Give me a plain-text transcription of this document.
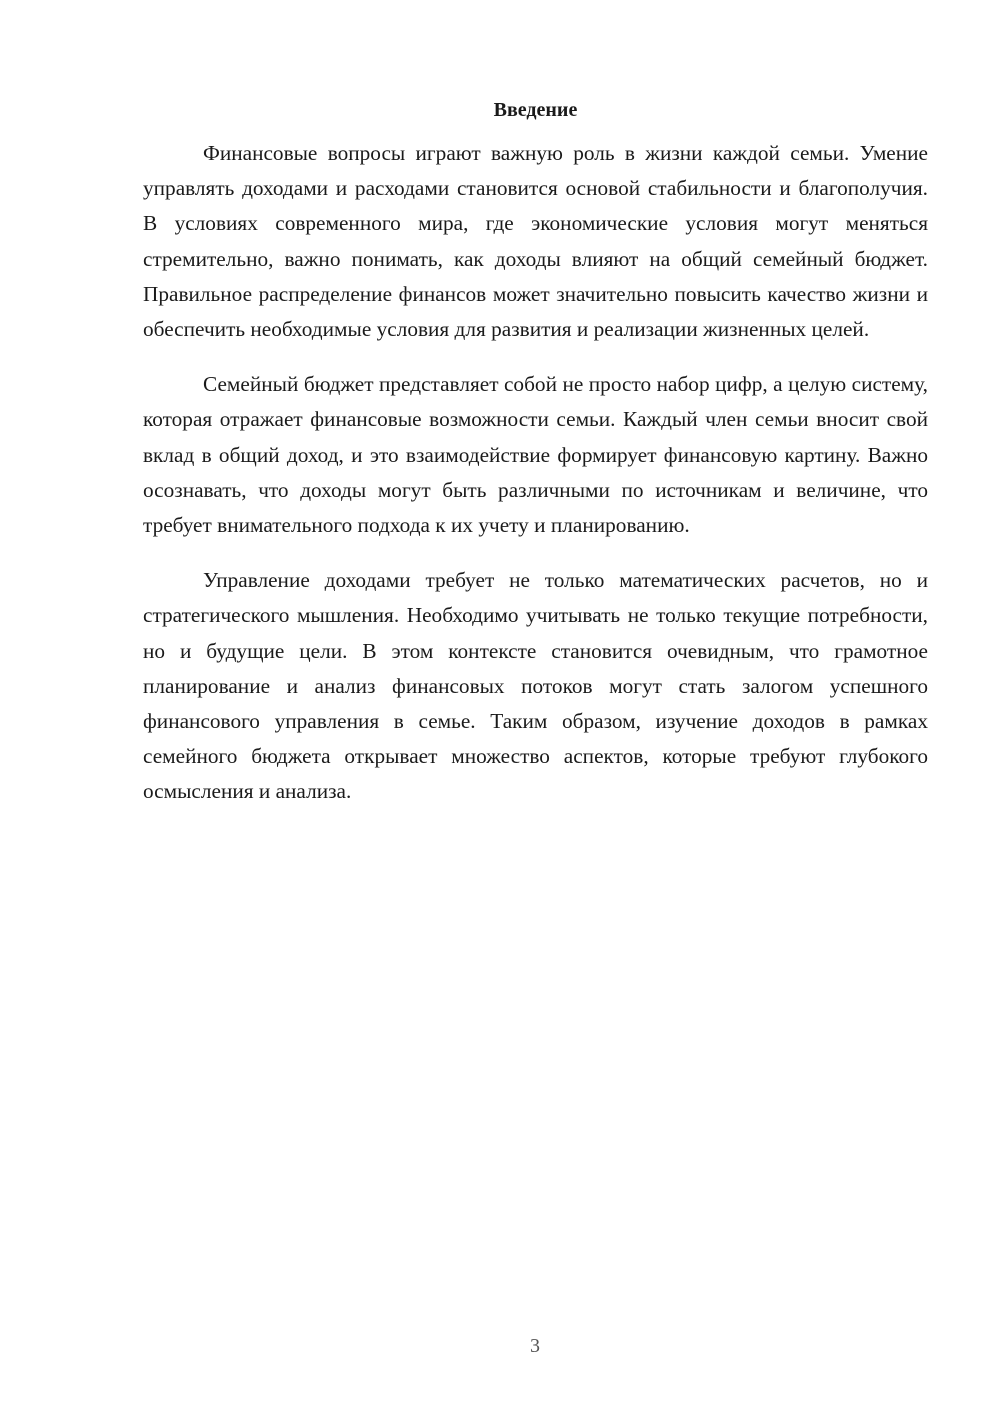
Введение

Финансовые вопросы играют важную роль в жизни каждой семьи. Умение управлять доходами и расходами становится основой стабильности и благополучия. В условиях современного мира, где экономические условия могут меняться стремительно, важно понимать, как доходы влияют на общий семейный бюджет. Правильное распределение финансов может значительно повысить качество жизни и обеспечить необходимые условия для развития и реализации жизненных целей.

Семейный бюджет представляет собой не просто набор цифр, а целую систему, которая отражает финансовые возможности семьи. Каждый член семьи вносит свой вклад в общий доход, и это взаимодействие формирует финансовую картину. Важно осознавать, что доходы могут быть различными по источникам и величине, что требует внимательного подхода к их учету и планированию.

Управление доходами требует не только математических расчетов, но и стратегического мышления. Необходимо учитывать не только текущие потребности, но и будущие цели. В этом контексте становится очевидным, что грамотное планирование и анализ финансовых потоков могут стать залогом успешного финансового управления в семье. Таким образом, изучение доходов в рамках семейного бюджета открывает множество аспектов, которые требуют глубокого осмысления и анализа.

3
